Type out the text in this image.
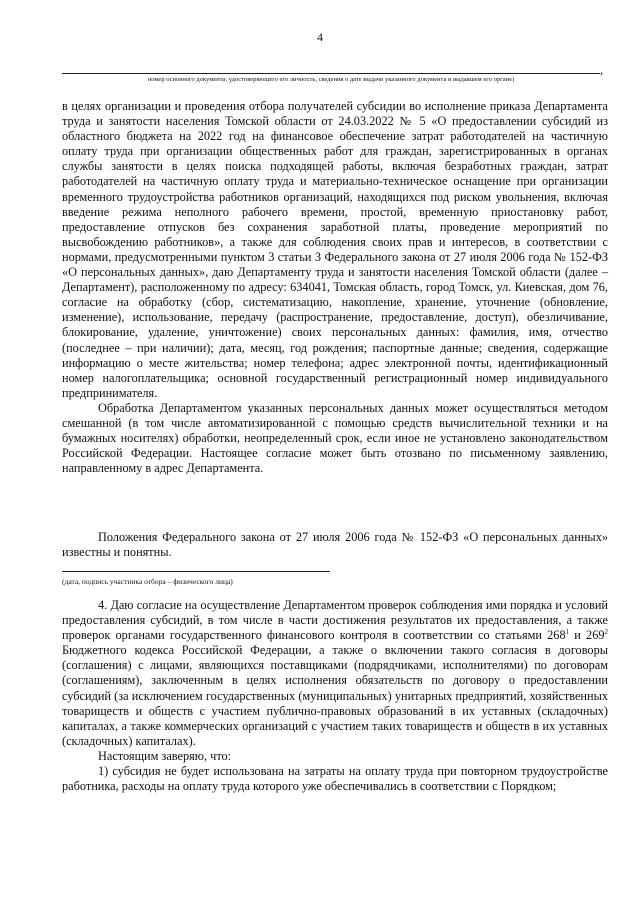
4
,
номер основного документа, удостоверяющего его личность, сведения о дате выдачи указанного документа и выдавшем его органе)

в целях организации и проведения отбора получателей субсидии во исполнение приказа Департамента труда и занятости населения Томской области от 24.03.2022 № 5 «О предоставлении субсидий из областного бюджета на 2022 год на финансовое обеспечение затрат работодателей на частичную оплату труда при организации общественных работ для граждан, зарегистрированных в органах службы занятости в целях поиска подходящей работы, включая безработных граждан, затрат работодателей на частичную оплату труда и материально-техническое оснащение при организации временного трудоустройства работников организаций, находящихся под риском увольнения, включая введение режима неполного рабочего времени, простой, временную приостановку работ, предоставление отпусков без сохранения заработной платы, проведение мероприятий по высвобождению работников», а также для соблюдения своих прав и интересов, в соответствии с нормами, предусмотренными пунктом 3 статьи 3 Федерального закона от 27 июля 2006 года № 152-ФЗ «О персональных данных», даю Департаменту труда и занятости населения Томской области (далее – Департамент), расположенному по адресу: 634041, Томская область, город Томск, ул. Киевская, дом 76, согласие на обработку (сбор, систематизацию, накопление, хранение, уточнение (обновление, изменение), использование, передачу (распространение, предоставление, доступ), обезличивание, блокирование, удаление, уничтожение) своих персональных данных: фамилия, имя, отчество (последнее – при наличии); дата, месяц, год рождения; паспортные данные; сведения, содержащие информацию о месте жительства; номер телефона; адрес электронной почты, идентификационный номер налогоплательщика; основной государственный регистрационный номер индивидуального предпринимателя.

Обработка Департаментом указанных персональных данных может осуществляться методом смешанной (в том числе автоматизированной с помощью средств вычислительной техники и на бумажных носителях) обработки, неопределенный срок, если иное не установлено законодательством Российской Федерации. Настоящее согласие может быть отозвано по письменному заявлению, направленному в адрес Департамента.

Положения Федерального закона от 27 июля 2006 года № 152-ФЗ «О персональных данных» известны и понятны.

(дата, подпись участника отбора – физического лица)

4. Даю согласие на осуществление Департаментом проверок соблюдения ими порядка и условий предоставления субсидий, в том числе в части достижения результатов их предоставления, а также проверок органами государственного финансового контроля в соответствии со статьями $268^1$ и $269^2$ Бюджетного кодекса Российской Федерации, а также о включении такого согласия в договоры (соглашения) с лицами, являющихся поставщиками (подрядчиками, исполнителями) по договорам (соглашениям), заключенным в целях исполнения обязательств по договору о предоставлении субсидий (за исключением государственных (муниципальных) унитарных предприятий, хозяйственных товариществ и обществ с участием публично-правовых образований в их уставных (складочных) капиталах, а также коммерческих организаций с участием таких товариществ и обществ в их уставных (складочных) капиталах).

Настоящим заверяю, что:

1) субсидия не будет использована на затраты на оплату труда при повторном трудоустройстве работника, расходы на оплату труда которого уже обеспечивались в соответствии с Порядком;
